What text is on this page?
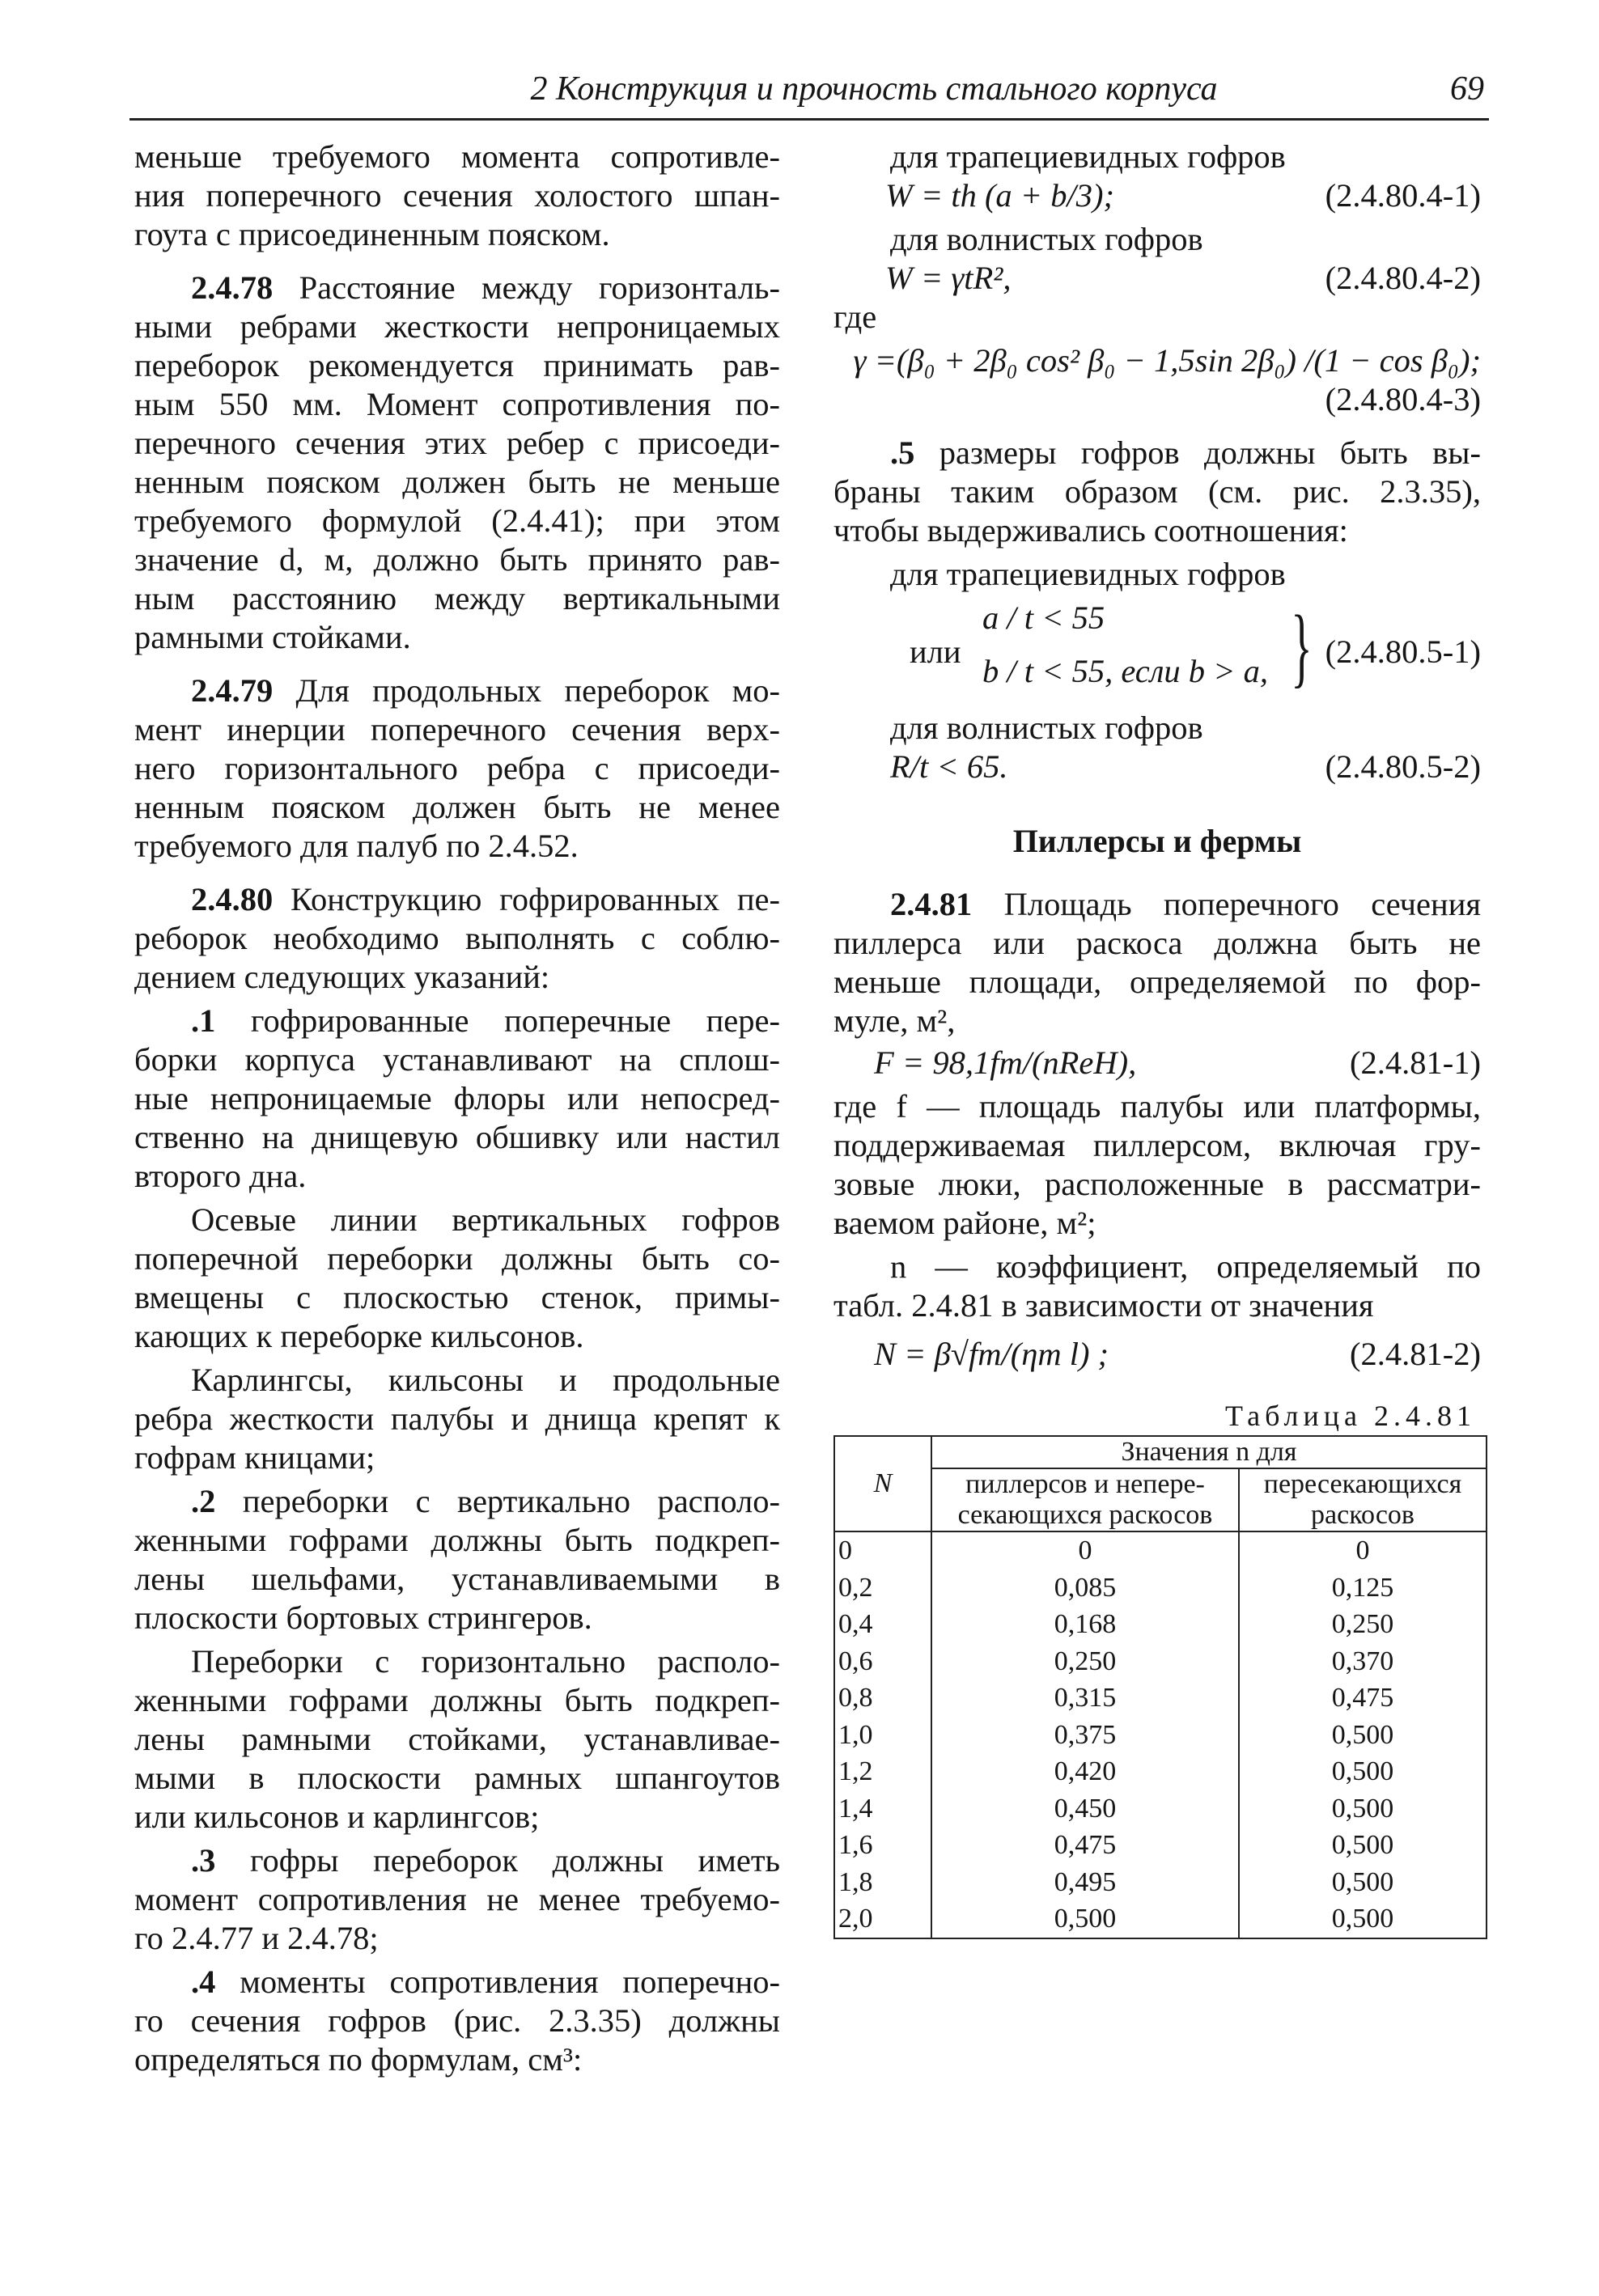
2 Конструкция и прочность стального корпуса	69

меньше требуемого момента сопротивле-
ния поперечного сечения холостого шпан-
гоута с присоединенным пояском.

2.4.78 Расстояние между горизонталь-
ными ребрами жесткости непроницаемых
переборок рекомендуется принимать рав-
ным 550 мм. Момент сопротивления по-
перечного сечения этих ребер с присоеди-
ненным пояском должен быть не меньше
требуемого формулой (2.4.41); при этом
значение d, м, должно быть принято рав-
ным расстоянию между вертикальными
рамными стойками.

2.4.79 Для продольных переборок мо-
мент инерции поперечного сечения верх-
него горизонтального ребра с присоеди-
ненным пояском должен быть не менее
требуемого для палуб по 2.4.52.

2.4.80 Конструкцию гофрированных пе-
реборок необходимо выполнять с соблю-
дением следующих указаний:

.1 гофрированные поперечные пере-
борки корпуса устанавливают на сплош-
ные непроницаемые флоры или непосред-
ственно на днищевую обшивку или настил
второго дна.

Осевые линии вертикальных гофров
поперечной переборки должны быть со-
вмещены с плоскостью стенок, примы-
кающих к переборке кильсонов.

Карлингсы, кильсоны и продольные
ребра жесткости палубы и днища крепят к
гофрам кницами;

.2 переборки с вертикально располо-
женными гофрами должны быть подкреп-
лены шельфами, устанавливаемыми в
плоскости бортовых стрингеров.

Переборки с горизонтально располо-
женными гофрами должны быть подкреп-
лены рамными стойками, устанавливае-
мыми в плоскости рамных шпангоутов
или кильсонов и карлингсов;

.3 гофры переборок должны иметь
момент сопротивления не менее требуемо-
го 2.4.77 и 2.4.78;

.4 моменты сопротивления поперечно-
го сечения гофров (рис. 2.3.35) должны
определяться по формулам, см³:

для трапециевидных гофров

W = th (a + b/3);	(2.4.80.4-1)

для волнистых гофров

W = γtR²,	(2.4.80.4-2)

где

γ =(β₀ + 2β₀ cos² β₀ − 1,5sin 2β₀) /(1 − cos β₀);

(2.4.80.4-3)

.5 размеры гофров должны быть вы-
браны таким образом (см. рис. 2.3.35),
чтобы выдерживались соотношения:

для трапециевидных гофров

или
a / t < 55
b / t < 55, если b > a, } (2.4.80.5-1)

для волнистых гофров

R/t < 65.	(2.4.80.5-2)

Пиллерсы и фермы

2.4.81 Площадь поперечного сечения
пиллерса или раскоса должна быть не
меньше площади, определяемой по фор-
муле, м²,

F = 98,1fm/(nReH),	(2.4.81-1)

где f — площадь палубы или платформы,
поддерживаемая пиллерсом, включая гру-
зовые люки, расположенные в рассматри-
ваемом районе, м²;

n — коэффициент, определяемый по
табл. 2.4.81 в зависимости от значения

N = β√fm/(ηт l) ;	(2.4.81-2)

Таблица 2.4.81

N	Значения n для	
	пиллерсов и непере-секающихся раскосов	пересекающихся раскосов
0	0	0
0,2	0,085	0,125
0,4	0,168	0,250
0,6	0,250	0,370
0,8	0,315	0,475
1,0	0,375	0,500
1,2	0,420	0,500
1,4	0,450	0,500
1,6	0,475	0,500
1,8	0,495	0,500
2,0	0,500	0,500
